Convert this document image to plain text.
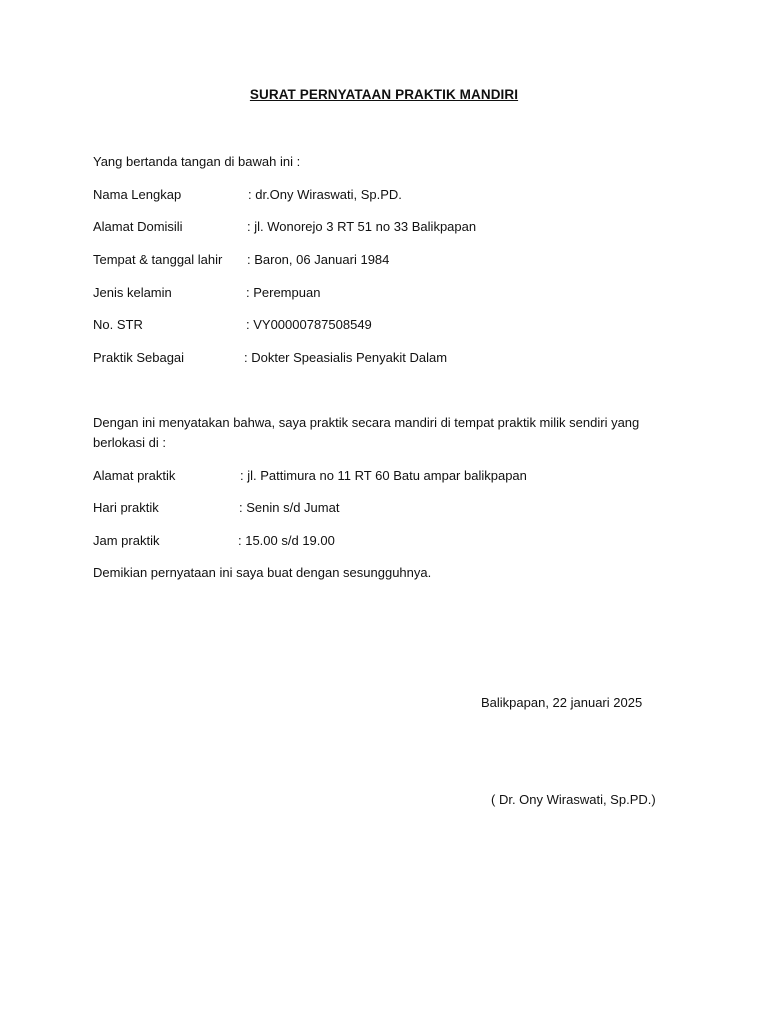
SURAT PERNYATAAN PRAKTIK MANDIRI
Yang bertanda tangan di bawah ini :
Nama Lengkap	: dr.Ony Wiraswati, Sp.PD.
Alamat Domisili	: jl. Wonorejo 3 RT 51 no 33 Balikpapan
Tempat & tanggal lahir : Baron, 06 Januari 1984
Jenis kelamin	: Perempuan
No. STR	: VY00000787508549
Praktik Sebagai	: Dokter Speasialis Penyakit Dalam
Dengan ini menyatakan bahwa, saya praktik secara mandiri di tempat praktik milik sendiri yang berlokasi di :
Alamat praktik	: jl. Pattimura no 11 RT 60 Batu ampar balikpapan
Hari praktik	: Senin s/d Jumat
Jam praktik	: 15.00 s/d 19.00
Demikian pernyataan ini saya buat dengan sesungguhnya.
Balikpapan, 22 januari 2025
( Dr. Ony Wiraswati, Sp.PD.)
